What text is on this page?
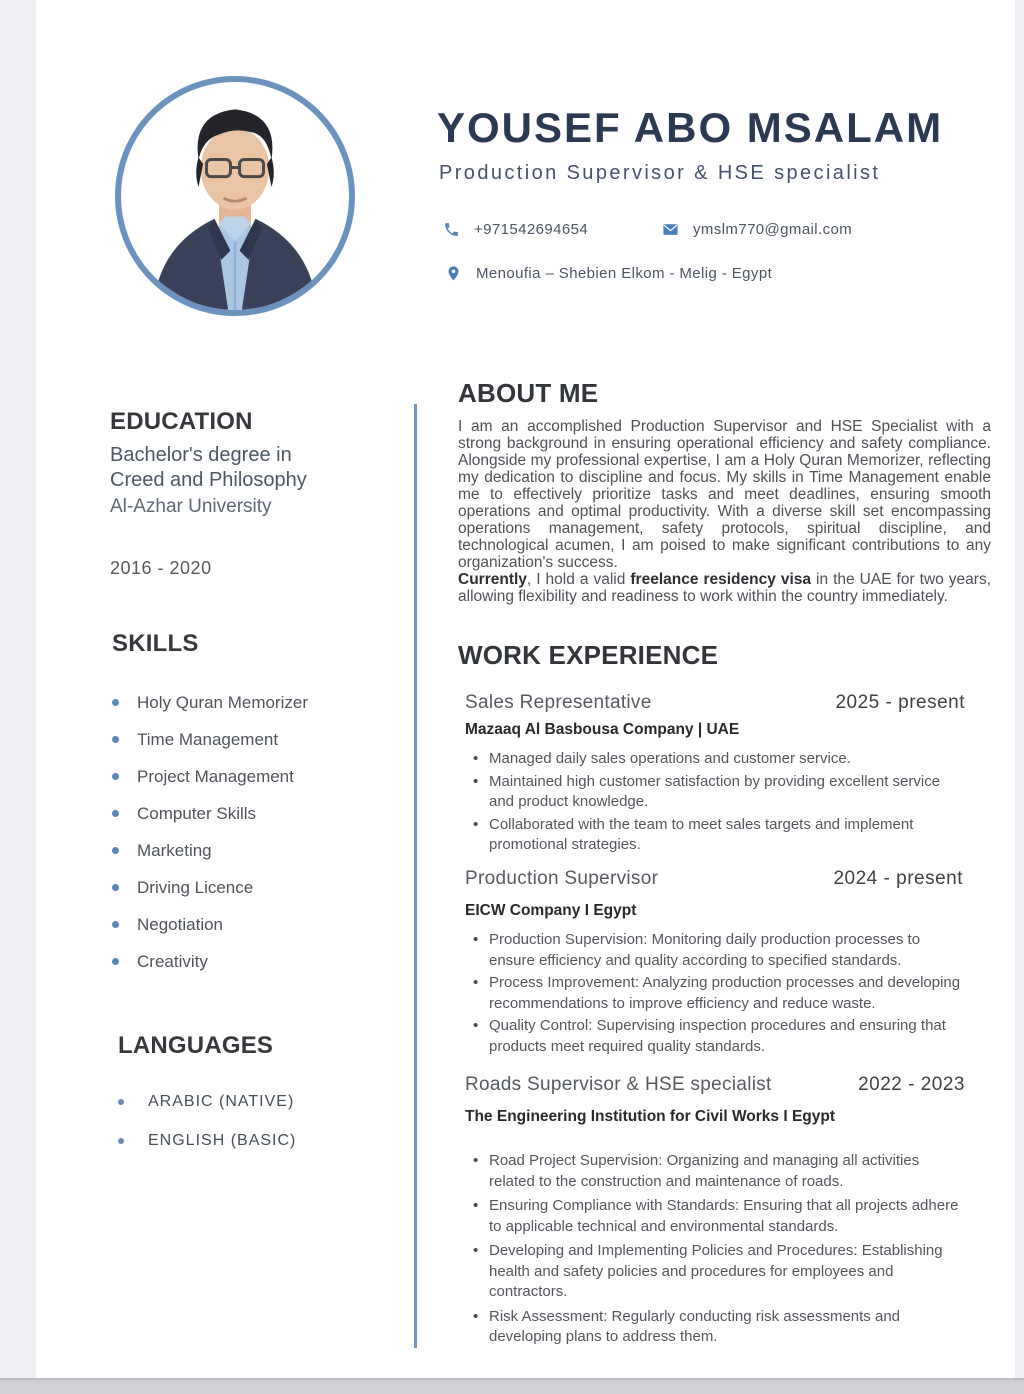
YOUSEF ABO MSALAM
Production Supervisor & HSE specialist
+971542694654	ymslm770@gmail.com
Menoufia – Shebien Elkom - Melig - Egypt
EDUCATION
Bachelor's degree in Creed and Philosophy
Al-Azhar University
2016 - 2020
SKILLS
Holy Quran Memorizer
Time Management
Project Management
Computer Skills
Marketing
Driving Licence
Negotiation
Creativity
LANGUAGES
ARABIC (NATIVE)
ENGLISH (BASIC)
ABOUT ME

I am an accomplished Production Supervisor and HSE Specialist with a strong background in ensuring operational efficiency and safety compliance. Alongside my professional expertise, I am a Holy Quran Memorizer, reflecting my dedication to discipline and focus. My skills in Time Management enable me to effectively prioritize tasks and meet deadlines, ensuring smooth operations and optimal productivity. With a diverse skill set encompassing operations management, safety protocols, spiritual discipline, and technological acumen, I am poised to make significant contributions to any organization's success.
Currently, I hold a valid freelance residency visa in the UAE for two years, allowing flexibility and readiness to work within the country immediately.

WORK EXPERIENCE
Sales Representative	2025 - present
Mazaaq Al Basbousa Company | UAE
• Managed daily sales operations and customer service.
• Maintained high customer satisfaction by providing excellent service and product knowledge.
• Collaborated with the team to meet sales targets and implement promotional strategies.
Production Supervisor	2024 - present
EICW Company I Egypt
• Production Supervision: Monitoring daily production processes to ensure efficiency and quality according to specified standards.
• Process Improvement: Analyzing production processes and developing recommendations to improve efficiency and reduce waste.
• Quality Control: Supervising inspection procedures and ensuring that products meet required quality standards.
Roads Supervisor & HSE specialist	2022 - 2023
The Engineering Institution for Civil Works I Egypt
• Road Project Supervision: Organizing and managing all activities related to the construction and maintenance of roads.
• Ensuring Compliance with Standards: Ensuring that all projects adhere to applicable technical and environmental standards.
• Developing and Implementing Policies and Procedures: Establishing health and safety policies and procedures for employees and contractors.
• Risk Assessment: Regularly conducting risk assessments and developing plans to address them.
